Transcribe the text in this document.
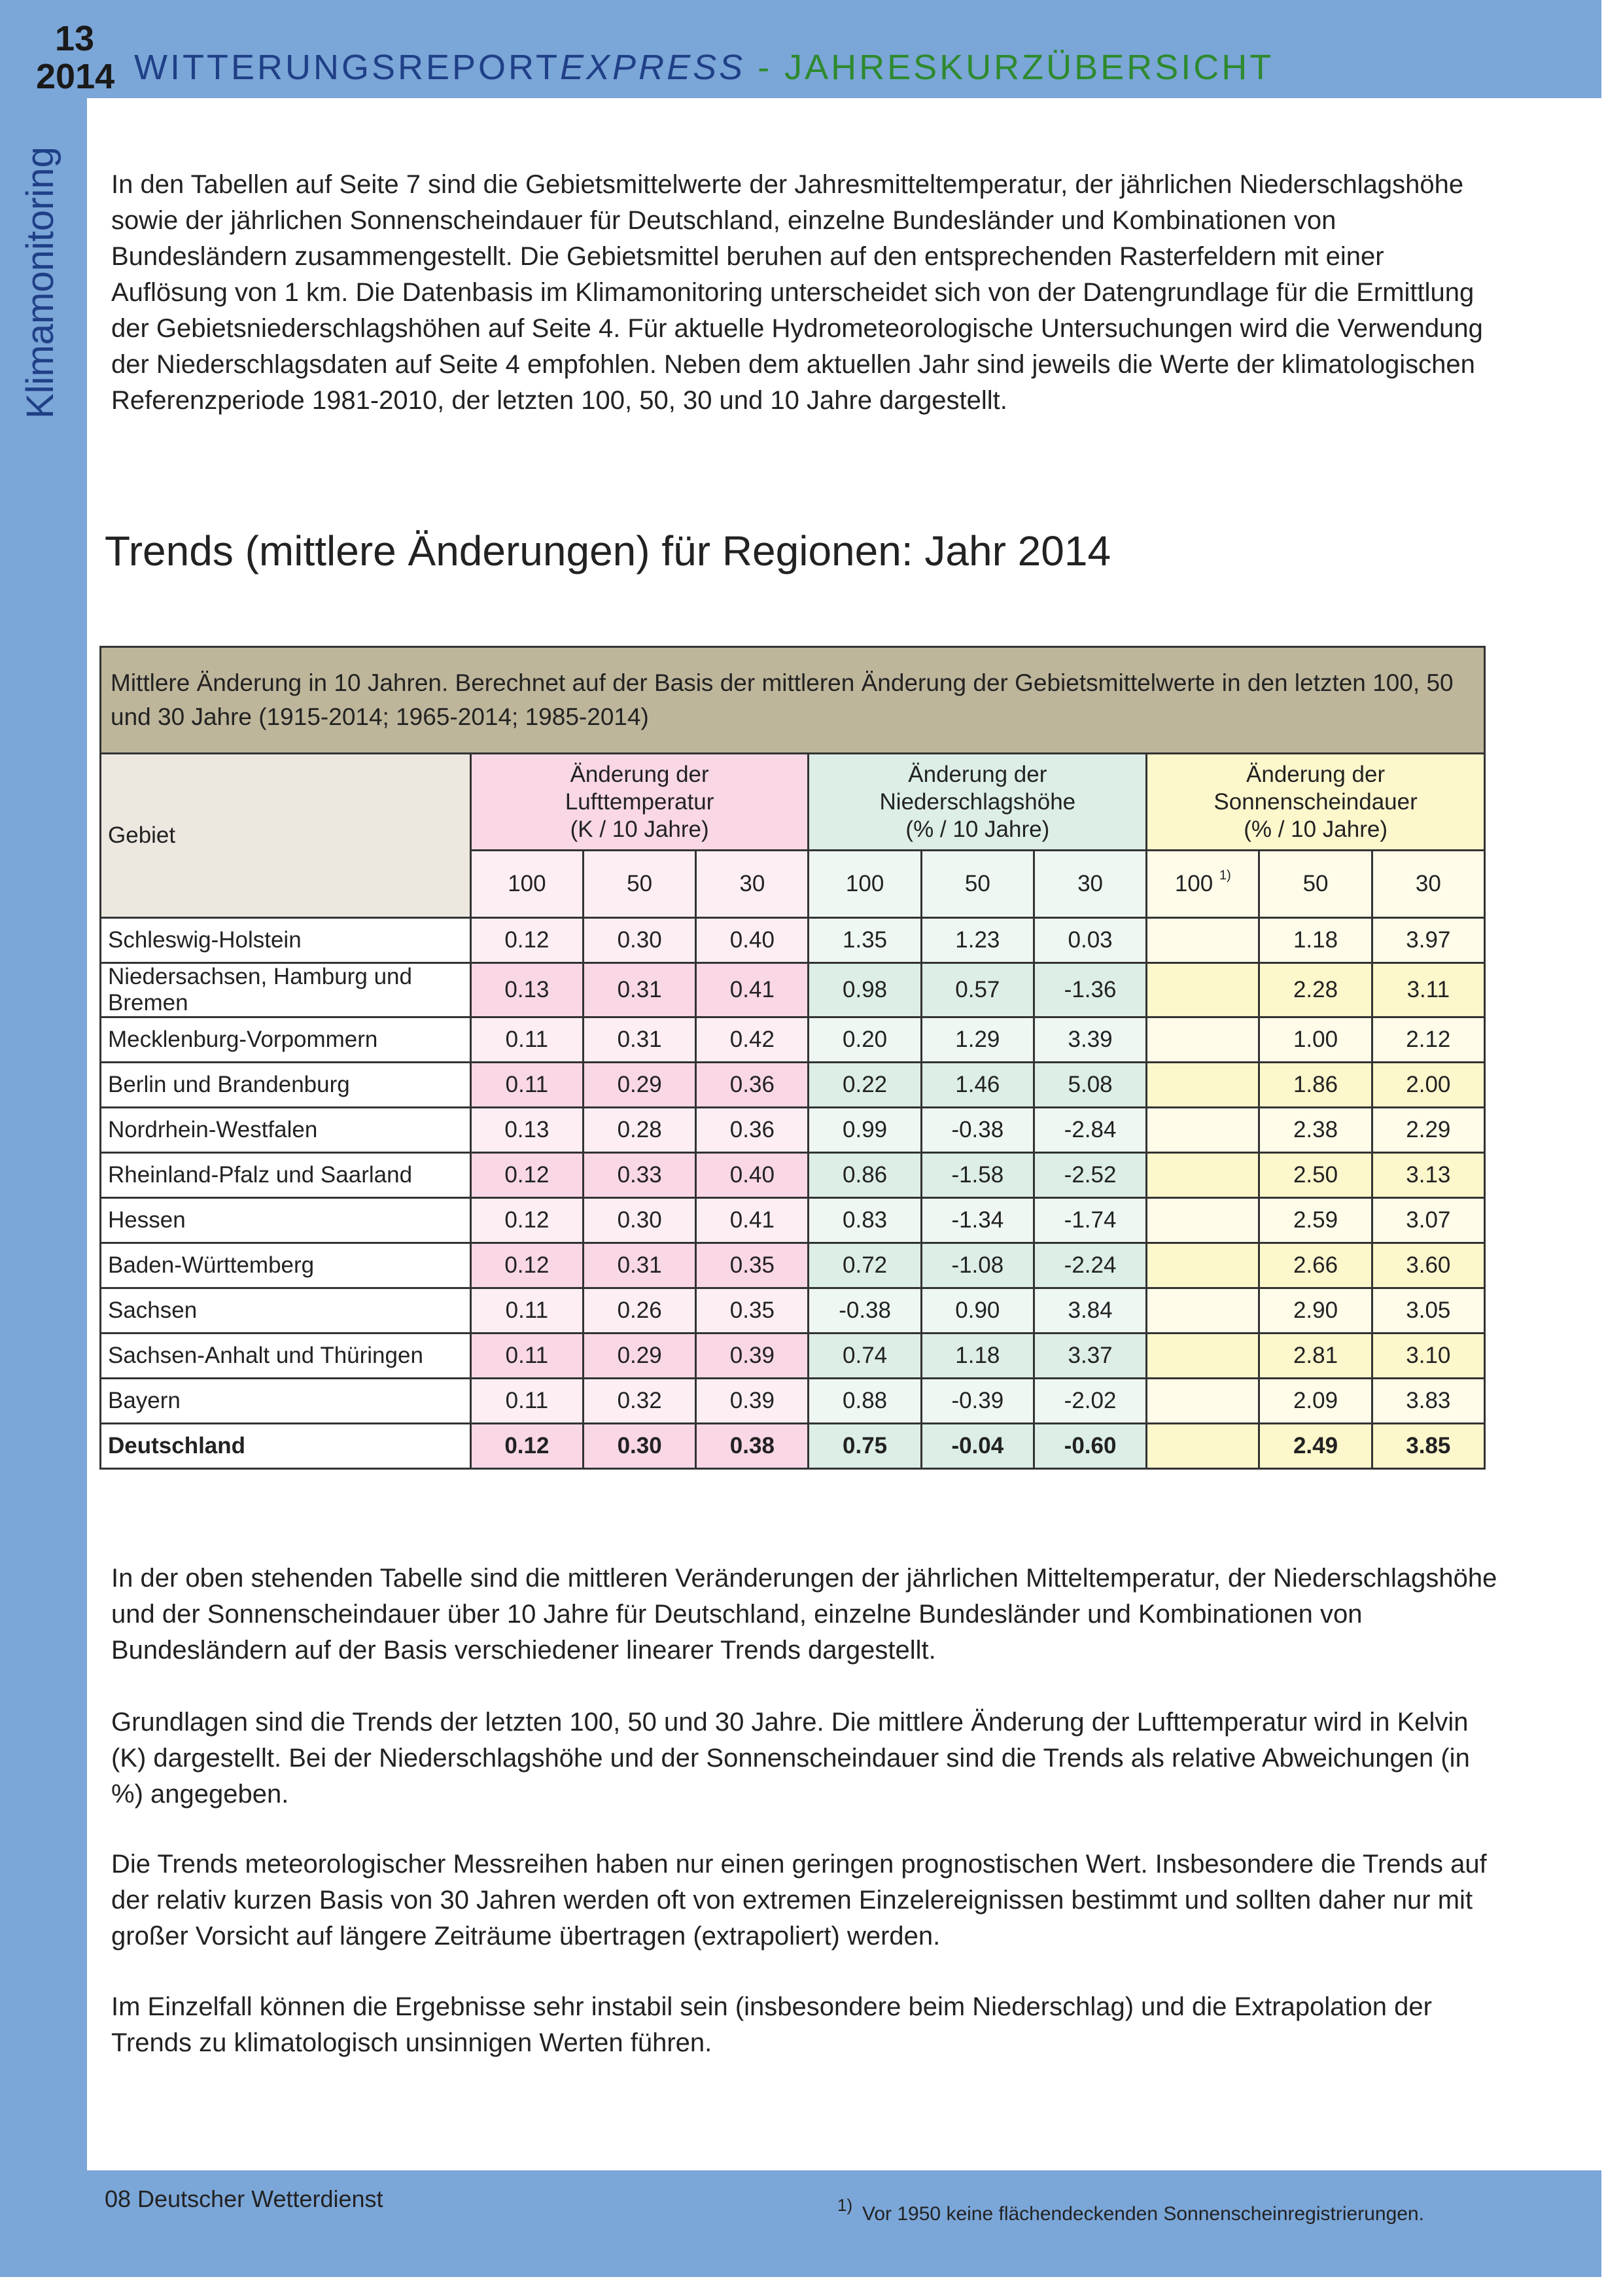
13
2014 WITTERUNGSREPORTEXPRESS - JAHRESKURZÜBERSICHT
Klimamonitoring In den Tabellen auf Seite 7 sind die Gebietsmittelwerte der Jahresmitteltemperatur, der jährlichen Niederschlagshöhe sowie der jährlichen Sonnenscheindauer für Deutschland, einzelne Bundesländer und Kombinationen von Bundesländern zusammengestellt. Die Gebietsmittel beruhen auf den entsprechenden Rasterfeldern mit einer Auflösung von 1 km. Die Datenbasis im Klimamonitoring unterscheidet sich von der Datengrundlage für die Ermittlung der Gebietsniederschlagshöhen auf Seite 4. Für aktuelle Hydrometeorologische Untersuchungen wird die Verwendung der Niederschlagsdaten auf Seite 4 empfohlen. Neben dem aktuellen Jahr sind jeweils die Werte der klimatologischen Referenzperiode 1981-2010, der letzten 100, 50, 30 und 10 Jahre dargestellt.
Trends (mittlere Änderungen) für Regionen: Jahr 2014
Mittlere Änderung in 10 Jahren. Berechnet auf der Basis der mittleren Änderung der Gebietsmittelwerte in den letzten 100, 50 und 30 Jahre (1915-2014; 1965-2014; 1985-2014)									
Gebiet	Änderung der
Lufttemperatur
(K / 10 Jahre)			Änderung der
Niederschlagshöhe
(% / 10 Jahre)			Änderung der
Sonnenscheindauer
(% / 10 Jahre)		
	100	50	30	100	50	30	100 $^{1)}$	50	30
Schleswig-Holstein	0.12	0.30	0.40	1.35	1.23	0.03		1.18	3.97
Niedersachsen, Hamburg und Bremen	0.13	0.31	0.41	0.98	0.57	-1.36		2.28	3.11
Mecklenburg-Vorpommern	0.11	0.31	0.42	0.20	1.29	3.39		1.00	2.12
Berlin und Brandenburg	0.11	0.29	0.36	0.22	1.46	5.08		1.86	2.00
Nordrhein-Westfalen	0.13	0.28	0.36	0.99	-0.38	-2.84		2.38	2.29
Rheinland-Pfalz und Saarland	0.12	0.33	0.40	0.86	-1.58	-2.52		2.50	3.13
Hessen	0.12	0.30	0.41	0.83	-1.34	-1.74		2.59	3.07
Baden-Württemberg	0.12	0.31	0.35	0.72	-1.08	-2.24		2.66	3.60
Sachsen	0.11	0.26	0.35	-0.38	0.90	3.84		2.90	3.05
Sachsen-Anhalt und Thüringen	0.11	0.29	0.39	0.74	1.18	3.37		2.81	3.10
Bayern	0.11	0.32	0.39	0.88	-0.39	-2.02		2.09	3.83
Deutschland	0.12	0.30	0.38	0.75	-0.04	-0.60		2.49	3.85
In der oben stehenden Tabelle sind die mittleren Veränderungen der jährlichen Mitteltemperatur, der Niederschlagshöhe und der Sonnenscheindauer über 10 Jahre für Deutschland, einzelne Bundesländer und Kombinationen von Bundesländern auf der Basis verschiedener linearer Trends dargestellt.
Grundlagen sind die Trends der letzten 100, 50 und 30 Jahre. Die mittlere Änderung der Lufttemperatur wird in Kelvin (K) dargestellt. Bei der Niederschlagshöhe und der Sonnenscheindauer sind die Trends als relative Abweichungen (in %) angegeben.
Die Trends meteorologischer Messreihen haben nur einen geringen prognostischen Wert. Insbesondere die Trends auf der relativ kurzen Basis von 30 Jahren werden oft von extremen Einzelereignissen bestimmt und sollten daher nur mit großer Vorsicht auf längere Zeiträume übertragen (extrapoliert) werden.
Im Einzelfall können die Ergebnisse sehr instabil sein (insbesondere beim Niederschlag) und die Extrapolation der Trends zu klimatologisch unsinnigen Werten führen.
08 Deutscher Wetterdienst	1) Vor 1950 keine flächendeckenden Sonnenscheinregistrierungen.
